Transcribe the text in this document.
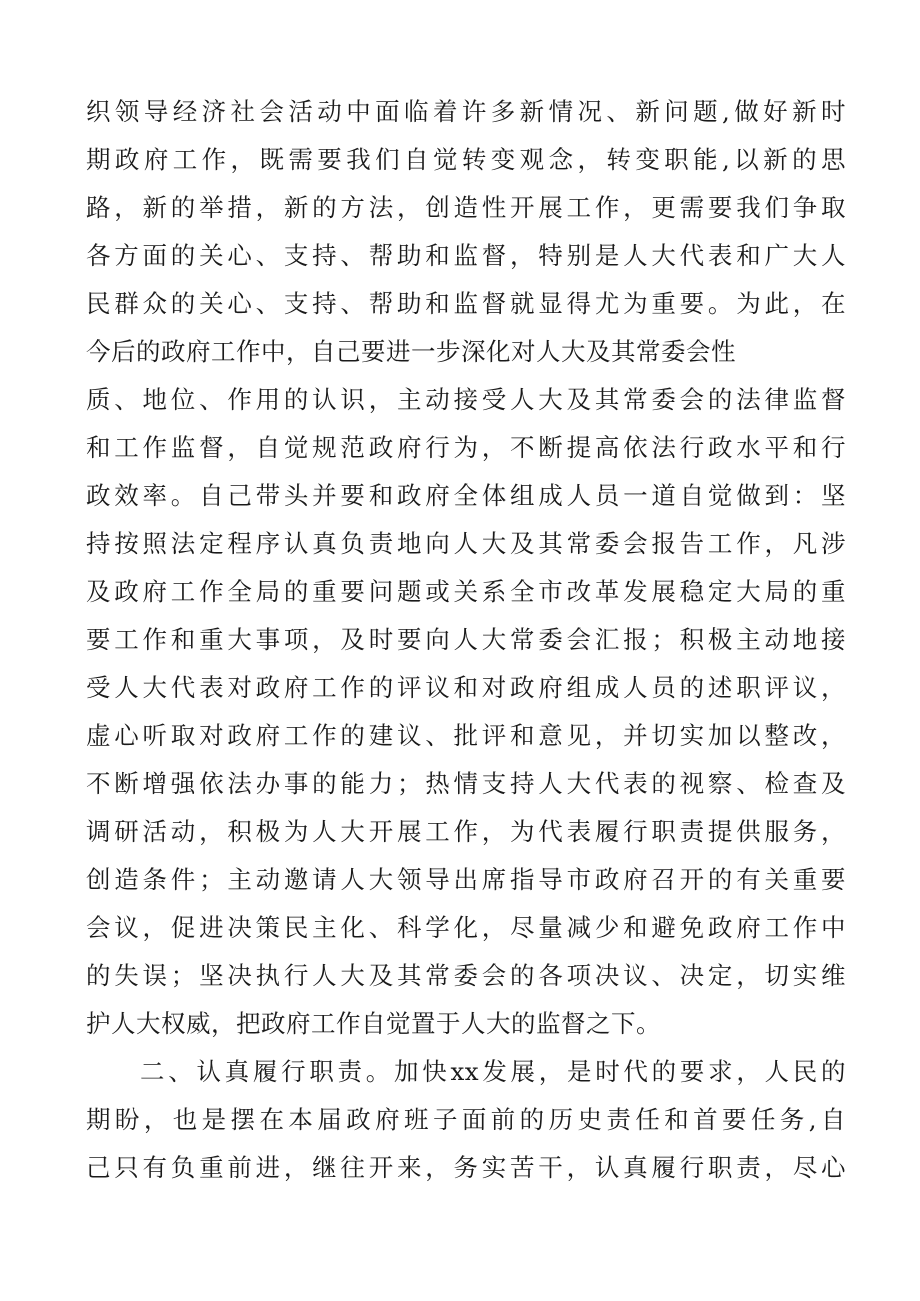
织领导经济社会活动中面临着许多新情况、新问题,做好新时
期政府工作，既需要我们自觉转变观念，转变职能,以新的思
路，新的举措，新的方法，创造性开展工作，更需要我们争取
各方面的关心、支持、帮助和监督，特别是人大代表和广大人
民群众的关心、支持、帮助和监督就显得尤为重要。为此，在
今后的政府工作中，自己要进一步深化对人大及其常委会性
质、地位、作用的认识，主动接受人大及其常委会的法律监督
和工作监督，自觉规范政府行为，不断提高依法行政水平和行
政效率。自己带头并要和政府全体组成人员一道自觉做到：坚
持按照法定程序认真负责地向人大及其常委会报告工作，凡涉
及政府工作全局的重要问题或关系全市改革发展稳定大局的重
要工作和重大事项，及时要向人大常委会汇报；积极主动地接
受人大代表对政府工作的评议和对政府组成人员的述职评议，
虚心听取对政府工作的建议、批评和意见，并切实加以整改，
不断增强依法办事的能力；热情支持人大代表的视察、检查及
调研活动，积极为人大开展工作，为代表履行职责提供服务，
创造条件；主动邀请人大领导出席指导市政府召开的有关重要
会议，促进决策民主化、科学化，尽量减少和避免政府工作中
的失误；坚决执行人大及其常委会的各项决议、决定，切实维
护人大权威，把政府工作自觉置于人大的监督之下。
二、认真履行职责。加快xx发展，是时代的要求，人民的
期盼，也是摆在本届政府班子面前的历史责任和首要任务,自
己只有负重前进，继往开来，务实苦干，认真履行职责，尽心
